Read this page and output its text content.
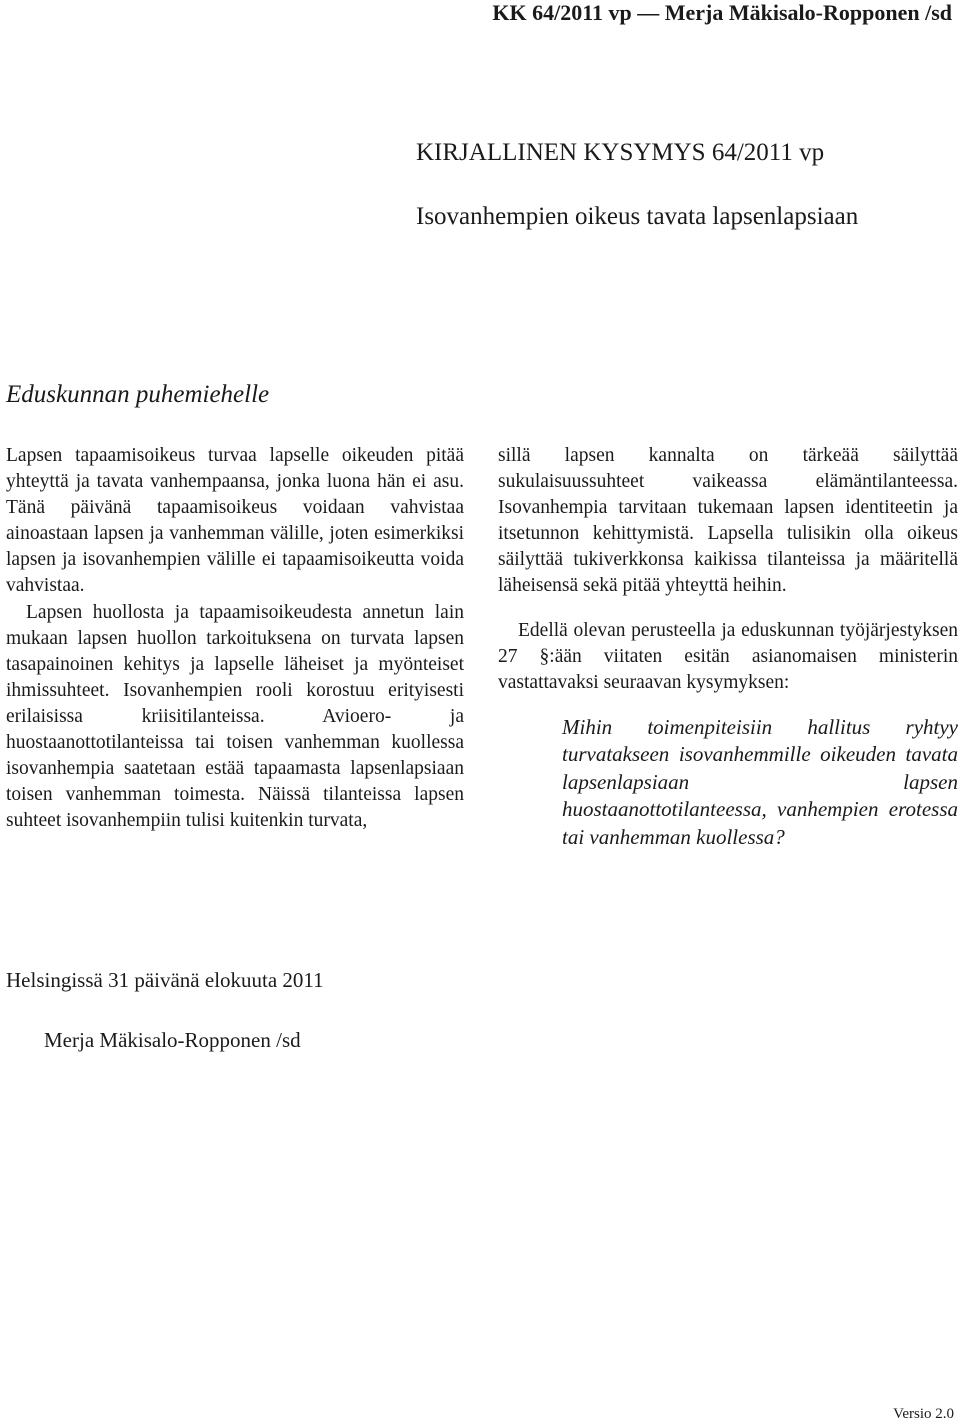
KK 64/2011 vp — Merja Mäkisalo-Ropponen /sd
KIRJALLINEN KYSYMYS 64/2011 vp
Isovanhempien oikeus tavata lapsenlapsiaan
Eduskunnan puhemiehelle

Lapsen tapaamisoikeus turvaa lapselle oikeuden pitää yhteyttä ja tavata vanhempaansa, jonka luona hän ei asu. Tänä päivänä tapaamisoikeus voidaan vahvistaa ainoastaan lapsen ja vanhemman välille, joten esimerkiksi lapsen ja isovanhempien välille ei tapaamisoikeutta voida vahvistaa.

Lapsen huollosta ja tapaamisoikeudesta annetun lain mukaan lapsen huollon tarkoituksena on turvata lapsen tasapainoinen kehitys ja lapselle läheiset ja myönteiset ihmissuhteet. Isovanhempien rooli korostuu erityisesti erilaisissa kriisitilanteissa. Avioero- ja huostaanottotilanteissa tai toisen vanhemman kuollessa isovanhempia saatetaan estää tapaamasta lapsenlapsiaan toisen vanhemman toimesta. Näissä tilanteissa lapsen suhteet isovanhempiin tulisi kuitenkin turvata,

sillä lapsen kannalta on tärkeää säilyttää sukulaisuussuhteet vaikeassa elämäntilanteessa. Isovanhempia tarvitaan tukemaan lapsen identiteetin ja itsetunnon kehittymistä. Lapsella tulisikin olla oikeus säilyttää tukiverkkonsa kaikissa tilanteissa ja määritellä läheisensä sekä pitää yhteyttä heihin.

Edellä olevan perusteella ja eduskunnan työjärjestyksen 27 §:ään viitaten esitän asianomaisen ministerin vastattavaksi seuraavan kysymyksen:

Mihin toimenpiteisiin hallitus ryhtyy turvatakseen isovanhemmille oikeuden tavata lapsenlapsiaan lapsen huostaanottotilanteessa, vanhempien erotessa tai vanhemman kuollessa?
Helsingissä 31 päivänä elokuuta 2011
Merja Mäkisalo-Ropponen /sd
Versio 2.0
